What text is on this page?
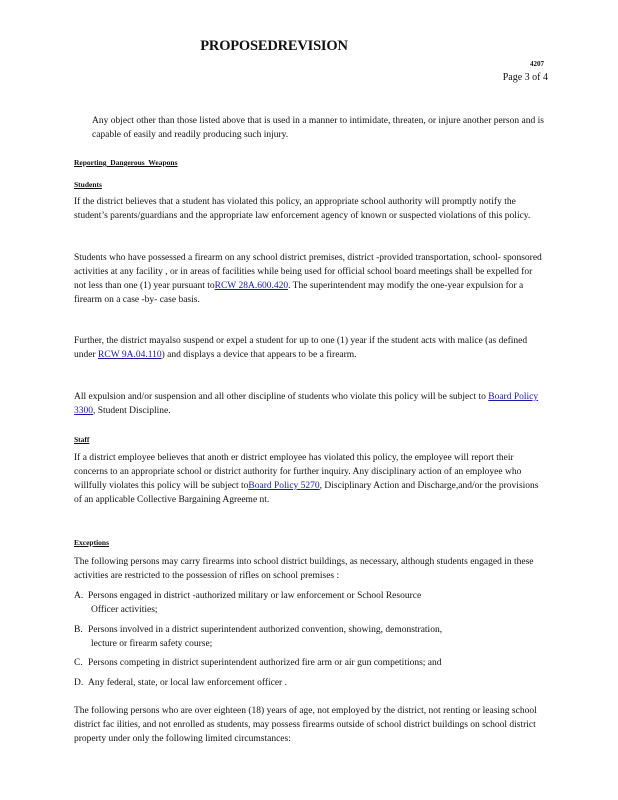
PROPOSEDREVISION
4207
Page 3 of 4
Any object other than those listed above that is used in a manner to intimidate, threaten, or injure another person and is capable of easily and readily producing such injury.
Reporting  Dangerous  Weapons
Students

If the district believes that a student has violated this policy, an appropriate school authority will promptly notify the student’s parents/guardians and the appropriate law enforcement agency of known or suspected violations of this policy.

Students who have possessed a firearm on any school district premises, district -provided transportation, school- sponsored activities at any facility , or in areas of facilities while being used for official school board meetings shall be expelled for not less than one (1) year pursuant toRCW 28A.600.420. The superintendent may modify the one-year expulsion for a firearm on a case -by- case basis.

Further, the district mayalso suspend or expel a student for up to one (1) year if the student acts with malice (as defined under RCW 9A.04.110) and displays a device that appears to be a firearm.

All expulsion and/or suspension and all other discipline of students who violate this policy will be subject to Board Policy 3300, Student Discipline.

Staff

If a district employee believes that anoth er district employee has violated this policy, the employee will report their concerns to an appropriate school or district authority for further inquiry. Any disciplinary action of an employee who willfully violates this policy will be subject toBoard Policy 5270, Disciplinary Action and Discharge,and/or the provisions of an applicable Collective Bargaining Agreeme nt.

Exceptions

The following persons may carry firearms into school district buildings, as necessary, although students engaged in these activities are restricted to the possession of rifles on school premises :

A. Persons engaged in district -authorized military or law enforcement or School Resource
Officer activities;
B. Persons involved in a district superintendent authorized convention, showing, demonstration,
lecture or firearm safety course;
C. Persons competing in district superintendent authorized fire arm or air gun competitions; and
D. Any federal, state, or local law enforcement officer .

The following persons who are over eighteen (18) years of age, not employed by the district, not renting or leasing school district fac ilities, and not enrolled as students, may possess firearms outside of school district buildings on school district property under only the following limited circumstances:
